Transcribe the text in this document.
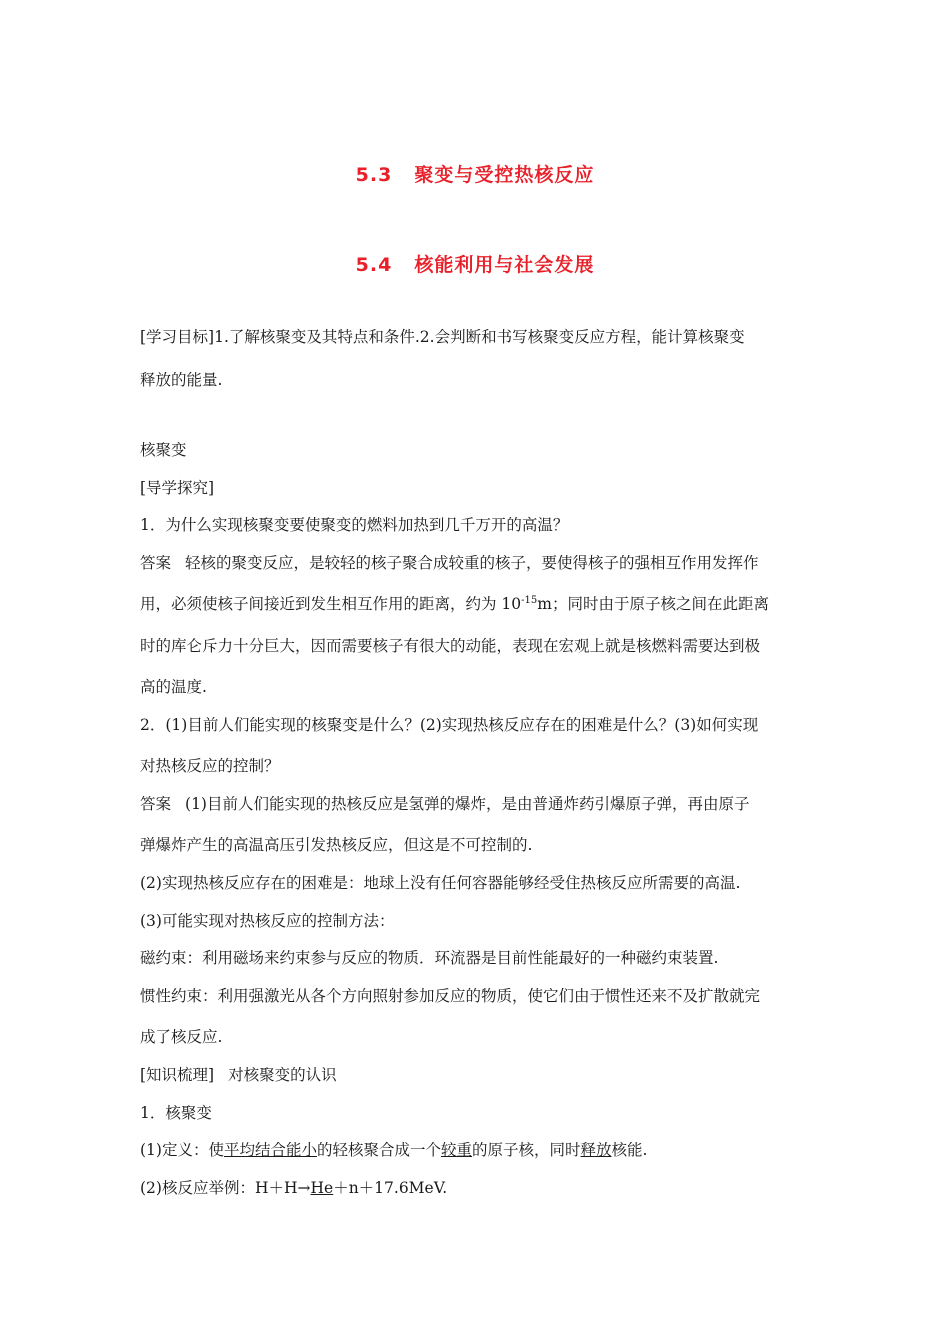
5.3 聚变与受控热核反应
5.4 核能利用与社会发展
[学习目标]1.了解核聚变及其特点和条件.2.会判断和书写核聚变反应方程，能计算核聚变
释放的能量.
核聚变
[导学探究]
1．为什么实现核聚变要使聚变的燃料加热到几千万开的高温？
答案 轻核的聚变反应，是较轻的核子聚合成较重的核子，要使得核子的强相互作用发挥作
用，必须使核子间接近到发生相互作用的距离，约为 $10^{-15}m$；同时由于原子核之间在此距离
时的库仑斥力十分巨大，因而需要核子有很大的动能，表现在宏观上就是核燃料需要达到极
高的温度.
2．(1)目前人们能实现的核聚变是什么？(2)实现热核反应存在的困难是什么？(3)如何实现
对热核反应的控制？
答案 (1)目前人们能实现的热核反应是氢弹的爆炸，是由普通炸药引爆原子弹，再由原子
弹爆炸产生的高温高压引发热核反应，但这是不可控制的.
(2)实现热核反应存在的困难是：地球上没有任何容器能够经受住热核反应所需要的高温.
(3)可能实现对热核反应的控制方法：
磁约束：利用磁场来约束参与反应的物质．环流器是目前性能最好的一种磁约束装置.
惯性约束：利用强激光从各个方向照射参加反应的物质，使它们由于惯性还来不及扩散就完
成了核反应.
[知识梳理] 对核聚变的认识
1．核聚变
(1)定义：使平均结合能小的轻核聚合成一个较重的原子核，同时释放核能.
(2)核反应举例：H＋H→He＋n＋17.6MeV.
